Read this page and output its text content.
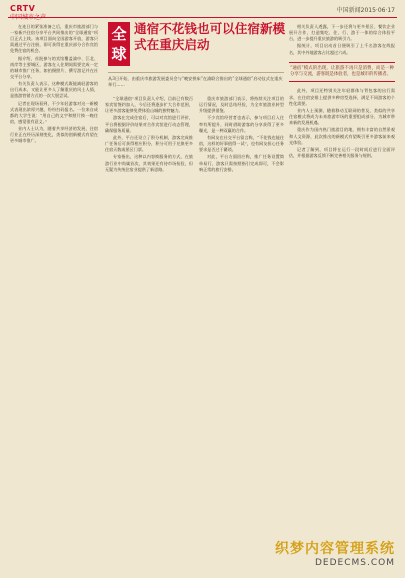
CRTV	中国新闻2015·06·17

在连日的紧张准备之后，重庆市旅游部门与一家新兴住宿分享平台共同推出的“全球通宿”项目正式上线。该项目面向全国游客开放，游客只需通过平台注册，即可获得在重庆部分合作宾馆免费住宿的机会。

据介绍，首批参与的宾馆覆盖渝中、江北、南岸等主要城区，游客在入住期间需要完成一定的城市推广任务，如拍摄照片、撰写游记并在社交平台分享。

有关负责人表示，这种模式既能减轻游客的出行成本，又能让更多人了解重庆的风土人情，是旅游营销方式的一次大胆尝试。

记者在现场看到，不少年轻游客对这一新模式表现出浓厚兴趣，纷纷扫码报名。一位来自成都的大学生说：“用自己的文字和照片换一晚住宿，感觉很有意义。”

业内人士认为，随着共享经济的发展，住宿行业正在经历深刻变化，类似的创新模式有望在更多城市推广。

全球
通宿不花钱也可以住宿新模式在重庆启动
从3日开始，由重庆市旅游发展委员会与“晚安拼床”在渝联合推出的“全球通宿”启动仪式在重庆举行……

“全球通宿”项目负责人介绍，目前已有数百家宾馆签约加入，今后还将逐步扩大合作范围，让更多游客能够免费体验山城的独特魅力。

游客在完成住宿后，可以对宾馆进行评价，平台将根据评价结果对合作宾馆进行动态管理，确保服务质量。

此外，平台还设立了积分机制，游客完成推广任务后可获得相应积分，积分可用于兑换更多住宿天数或景区门票。

专家指出，这种以内容换服务的方式，在旅游行业中尚属首次，其效果还有待市场检验，但无疑为传统住宿业提供了新思路。

重庆市旅游部门表示，将持续关注项目的运行情况，及时总结经验，为全市旅游业转型升级提供借鉴。

不少宾馆经营者也表示，参与项目后入住率有所提升，同时借助游客的分享获得了更多曝光，是一种双赢的合作。

有网友在社交平台留言称，“不花钱也能住宿，这样的好事值得一试”，也有网友担心任务要求是否过于繁琐。

对此，平台方面回应称，推广任务设置简单易行，游客只需按照指引完成即可，不会影响正常的旅行安排。

相关负责人透露，下一步还将与更多景区、餐饮企业展开合作，打造集吃、住、行、游于一体的综合体验平台，进一步提升重庆旅游的吸引力。

据统计，项目启动首日便吸引了上千名游客在线报名，其中外地游客占比超过六成。

“通宿”模式的出现，让旅游不再只是消费，而是一种分享与交流，游客既是体验者，也是城市的传播者。

此外，项目还特别关注年轻群体与背包客的出行需求，在住宿安排上提供多种房型选择，满足不同游客的个性化需要。

业内人士预测，随着移动互联网的普及，类似的共享住宿模式将成为未来旅游市场的重要组成部分，为城市带来新的发展机遇。

重庆作为国内热门旅游目的地，拥有丰富的自然景观和人文资源，此次推出的新模式有望吸引更多游客前来观光体验。

记者了解到，项目将在运行一段时间后进行全面评估，并根据游客反馈不断完善相关服务与规则。

织梦内容管理系统
DEDECMS.COM
